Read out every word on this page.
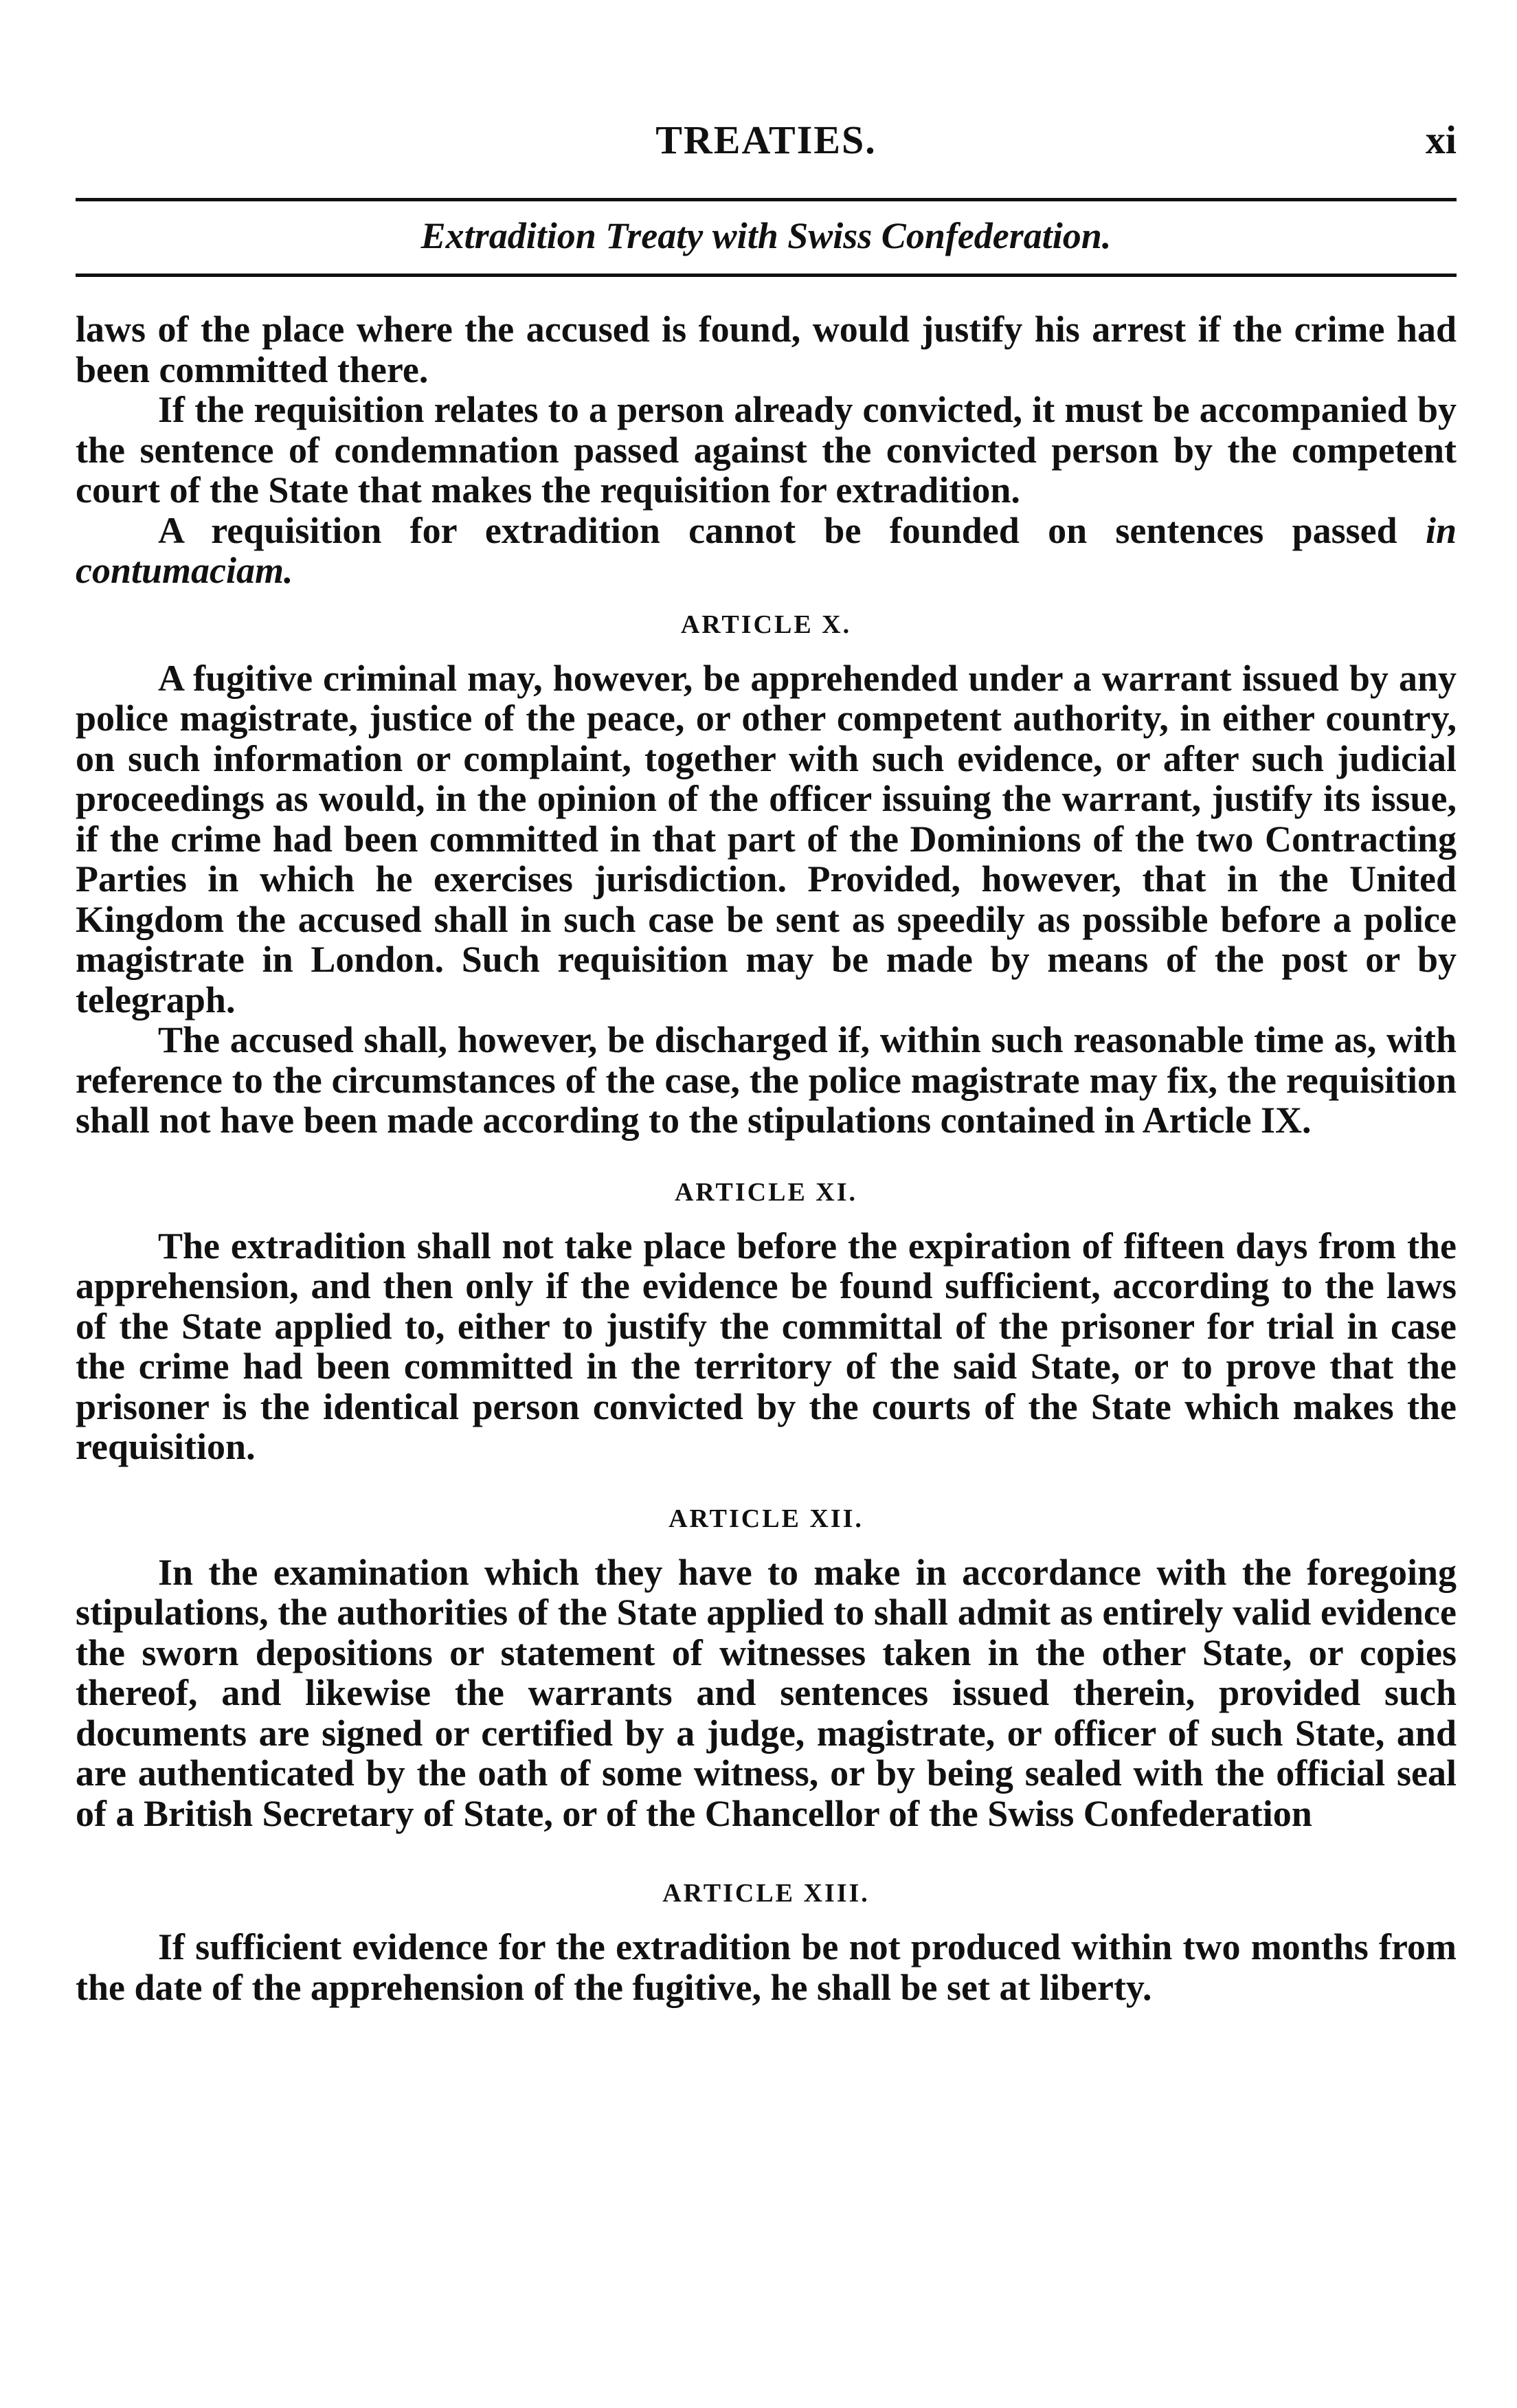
TREATIES.	xi
Extradition Treaty with Swiss Confederation.

laws of the place where the accused is found, would justify his arrest if the crime had been committed there.

If the requisition relates to a person already convicted, it must be accompanied by the sentence of condemnation passed against the convicted person by the competent court of the State that makes the requisition for extradition.

A requisition for extradition cannot be founded on sentences passed in contumaciam.

ARTICLE X.

A fugitive criminal may, however, be apprehended under a warrant issued by any police magistrate, justice of the peace, or other competent authority, in either country, on such information or complaint, together with such evidence, or after such judicial proceedings as would, in the opinion of the officer issuing the warrant, justify its issue, if the crime had been committed in that part of the Dominions of the two Contracting Parties in which he exercises jurisdiction. Provided, however, that in the United Kingdom the accused shall in such case be sent as speedily as possible before a police magistrate in London. Such requisition may be made by means of the post or by telegraph.

The accused shall, however, be discharged if, within such reasonable time as, with reference to the circumstances of the case, the police magistrate may fix, the requisition shall not have been made according to the stipulations contained in Article IX.

ARTICLE XI.

The extradition shall not take place before the expiration of fifteen days from the apprehension, and then only if the evidence be found sufficient, according to the laws of the State applied to, either to justify the committal of the prisoner for trial in case the crime had been committed in the territory of the said State, or to prove that the prisoner is the identical person convicted by the courts of the State which makes the requisition.

ARTICLE XII.

In the examination which they have to make in accordance with the foregoing stipulations, the authorities of the State applied to shall admit as entirely valid evidence the sworn depositions or statement of witnesses taken in the other State, or copies thereof, and likewise the warrants and sentences issued therein, provided such documents are signed or certified by a judge, magistrate, or officer of such State, and are authenticated by the oath of some witness, or by being sealed with the official seal of a British Secretary of State, or of the Chancellor of the Swiss Confederation

ARTICLE XIII.

If sufficient evidence for the extradition be not produced within two months from the date of the apprehension of the fugitive, he shall be set at liberty.
